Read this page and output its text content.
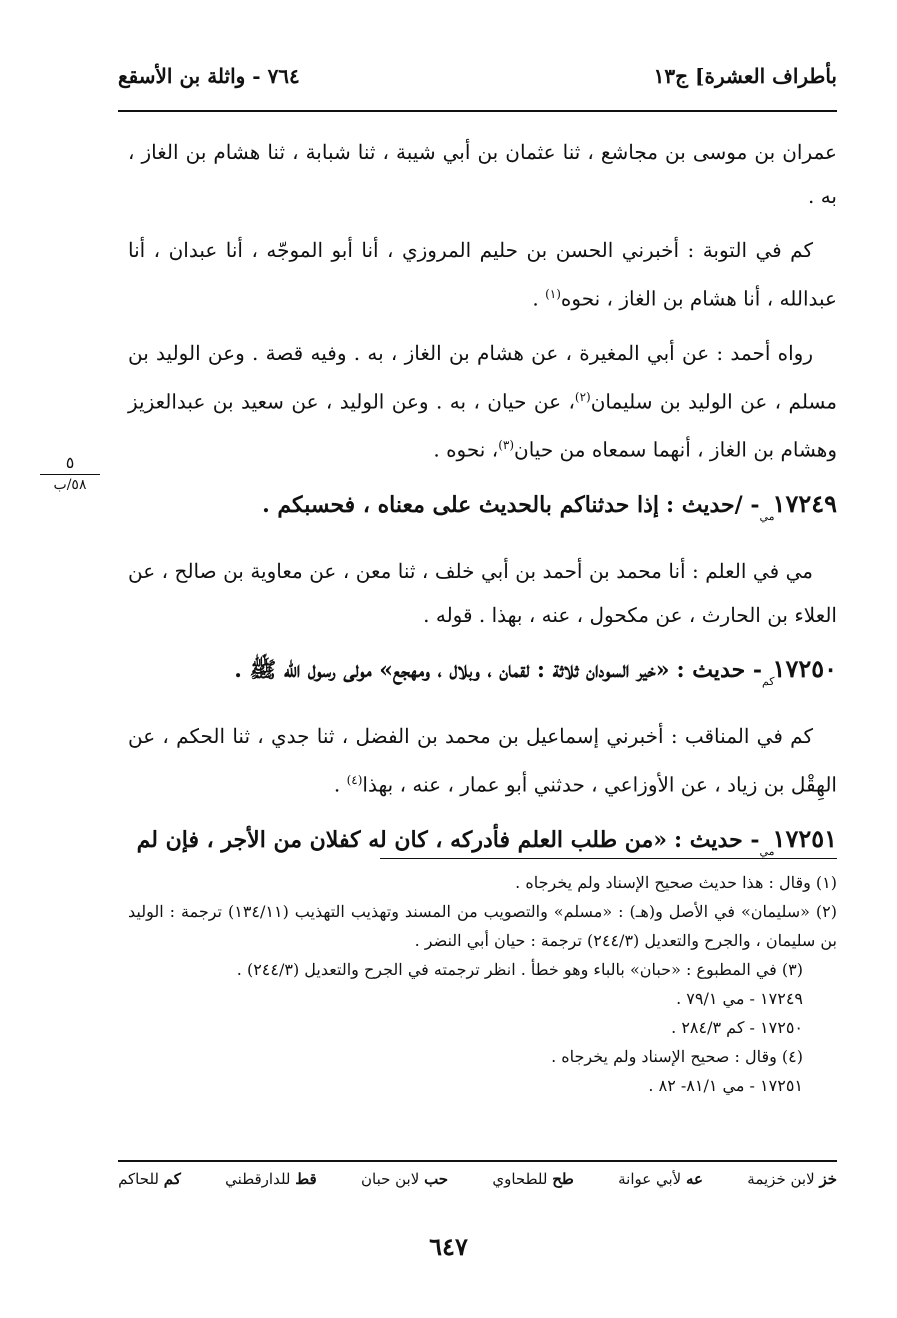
بأطراف العشرة] ج١٣
٧٦٤ - واثلة بن الأسقع
٥
٥٨/ب

عمران بن موسى بن مجاشع ، ثنا عثمان بن أبي شيبة ، ثنا شبابة ، ثنا هشام بن الغاز ، به .

كم في التوبة : أخبرني الحسن بن حليم المروزي ، أنا أبو الموجّه ، أنا عبدان ، أنا عبدالله ، أنا هشام بن الغاز ، نحوه$^{(١)}$ .

رواه أحمد : عن أبي المغيرة ، عن هشام بن الغاز ، به . وفيه قصة . وعن الوليد بن مسلم ، عن الوليد بن سليمان$^{(٢)}$، عن حيان ، به . وعن الوليد ، عن سعيد بن عبدالعزيز وهشام بن الغاز ، أنهما سمعاه من حيان$^{(٣)}$، نحوه .

$١٧٢٤٩_{مي}-$ /حديث : إذا حدثناكم بالحديث على معناه ، فحسبكم .

مي في العلم : أنا محمد بن أحمد بن أبي خلف ، ثنا معن ، عن معاوية بن صالح ، عن العلاء بن الحارث ، عن مكحول ، عنه ، بهذا . قوله .

$١٧٢٥٠_{كم}-$ حديث : «خير السودان ثلاثة : لقمان ، وبلال ، ومهجع» مولى رسول الله ﷺ .

كم في المناقب : أخبرني إسماعيل بن محمد بن الفضل ، ثنا جدي ، ثنا الحكم ، عن الهِقْل بن زياد ، عن الأوزاعي ، حدثني أبو عمار ، عنه ، بهذا$^{(٤)}$ .

$١٧٢٥١_{مي}-$ حديث : «من طلب العلم فأدركه ، كان له كفلان من الأجر ، فإن لم

(١) وقال : هذا حديث صحيح الإسناد ولم يخرجاه .

(٢) «سليمان» في الأصل و(هـ) : «مسلم» والتصويب من المسند وتهذيب التهذيب (١٣٤/١١) ترجمة : الوليد بن سليمان ، والجرح والتعديل (٢٤٤/٣) ترجمة : حيان أبي النضر .

(٣) في المطبوع : «حبان» بالباء وهو خطأ . انظر ترجمته في الجرح والتعديل (٢٤٤/٣) .

١٧٢٤٩ - مي ٧٩/١ .

١٧٢٥٠ - كم ٢٨٤/٣ .

(٤) وقال : صحيح الإسناد ولم يخرجاه .

١٧٢٥١ - مي ٨١/١- ٨٢ .

خز لابن خزيمة
عه لأبي عوانة
طح للطحاوي
حب لابن حبان
قط للدارقطني
كم للحاكم
٦٤٧
